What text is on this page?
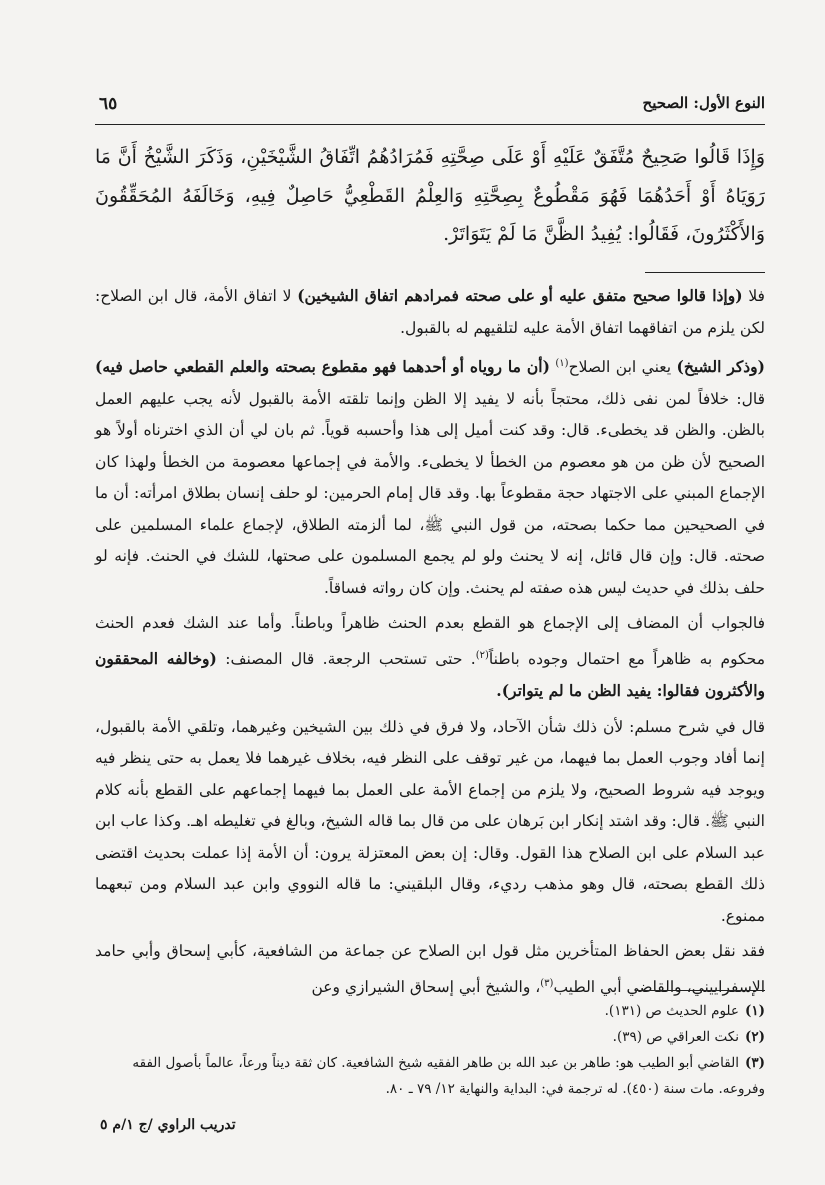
النوع الأول: الصحيح
٦٥
وَإِذَا قَالُوا صَحِيحٌ مُتَّفَقٌ عَلَيْهِ أَوْ عَلَى صِحَّتِهِ فَمُرَادُهُمُ اتِّفَاقُ الشَّيْخَيْنِ، وَذَكَرَ الشَّيْخُ أَنَّ مَا رَوَيَاهُ أَوْ أَحَدُهُمَا فَهُوَ مَقْطُوعٌ بِصِحَّتِهِ وَالعِلْمُ القَطْعِيُّ حَاصِلٌ فِيهِ، وَخَالَفَهُ المُحَقِّقُونَ وَالأَكْثَرُونَ، فَقَالُوا: يُفِيدُ الظَّنَّ مَا لَمْ يَتَوَاتَرْ.

فلا (وإذا قالوا صحيح متفق عليه أو على صحته فمرادهم اتفاق الشيخين) لا اتفاق الأمة، قال ابن الصلاح: لكن يلزم من اتفاقهما اتفاق الأمة عليه لتلقيهم له بالقبول.

(وذكر الشيخ) يعني ابن الصلاح$^{(١)}$ (أن ما روياه أو أحدهما فهو مقطوع بصحته والعلم القطعي حاصل فيه) قال: خلافاً لمن نفى ذلك، محتجاً بأنه لا يفيد إلا الظن وإنما تلقته الأمة بالقبول لأنه يجب عليهم العمل بالظن. والظن قد يخطىء. قال: وقد كنت أميل إلى هذا وأحسبه قوياً. ثم بان لي أن الذي اخترناه أولاً هو الصحيح لأن ظن من هو معصوم من الخطأ لا يخطىء. والأمة في إجماعها معصومة من الخطأ ولهذا كان الإجماع المبني على الاجتهاد حجة مقطوعاً بها. وقد قال إمام الحرمين: لو حلف إنسان بطلاق امرأته: أن ما في الصحيحين مما حكما بصحته، من قول النبي ﷺ، لما ألزمته الطلاق، لإجماع علماء المسلمين على صحته. قال: وإن قال قائل، إنه لا يحنث ولو لم يجمع المسلمون على صحتها، للشك في الحنث. فإنه لو حلف بذلك في حديث ليس هذه صفته لم يحنث. وإن كان رواته فساقاً.

فالجواب أن المضاف إلى الإجماع هو القطع بعدم الحنث ظاهراً وباطناً. وأما عند الشك فعدم الحنث محكوم به ظاهراً مع احتمال وجوده باطناً$^{(٢)}$. حتى تستحب الرجعة. قال المصنف: (وخالفه المحققون والأكثرون فقالوا: يفيد الظن ما لم يتواتر).

قال في شرح مسلم: لأن ذلك شأن الآحاد، ولا فرق في ذلك بين الشيخين وغيرهما، وتلقي الأمة بالقبول، إنما أفاد وجوب العمل بما فيهما، من غير توقف على النظر فيه، بخلاف غيرهما فلا يعمل به حتى ينظر فيه ويوجد فيه شروط الصحيح، ولا يلزم من إجماع الأمة على العمل بما فيهما إجماعهم على القطع بأنه كلام النبي ﷺ. قال: وقد اشتد إنكار ابن بَرهان على من قال بما قاله الشيخ، وبالغ في تغليطه اهـ. وكذا عاب ابن عبد السلام على ابن الصلاح هذا القول. وقال: إن بعض المعتزلة يرون: أن الأمة إذا عملت بحديث اقتضى ذلك القطع بصحته، قال وهو مذهب رديء، وقال البلقيني: ما قاله النووي وابن عبد السلام ومن تبعهما ممنوع.

فقد نقل بعض الحفاظ المتأخرين مثل قول ابن الصلاح عن جماعة من الشافعية، كأبي إسحاق وأبي حامد الإسفراييني، والقاضي أبي الطيب$^{(٣)}$، والشيخ أبي إسحاق الشيرازي وعن

(١)علوم الحديث ص (١٣١).
(٢)نكت العراقي ص (٣٩).
(٣)القاضي أبو الطيب هو: طاهر بن عبد الله بن طاهر الفقيه شيخ الشافعية. كان ثقة ديناً ورعاً، عالماً بأصول الفقه وفروعه. مات سنة (٤٥٠). له ترجمة في: البداية والنهاية ١٢/ ٧٩ ـ ٨٠.
تدريب الراوي /ج ١/م ٥
